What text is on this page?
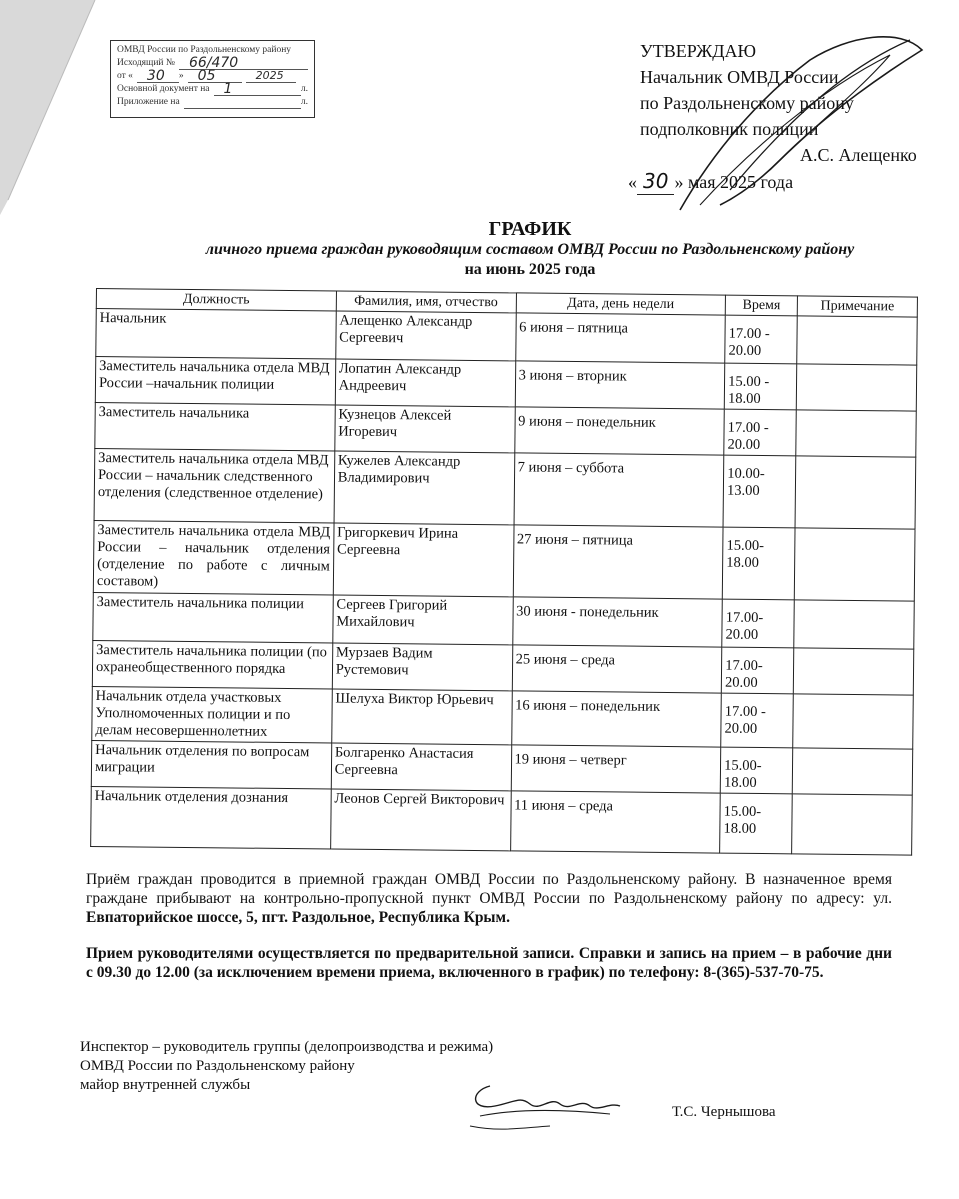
ОМВД России по Раздольненскому району
Исходящий №	66/470
от «	30	»	05	2025
Основной документ на	1	л.
Приложение на	л.
УТВЕРЖДАЮ
Начальник ОМВД России
по Раздольненскому району
подполковник полиции
А.С. Алещенко
« 30 » мая 2025 года
ГРАФИК
личного приема граждан руководящим составом ОМВД России по Раздольненскому району
на июнь 2025 года
Должность	Фамилия, имя, отчество	Дата, день недели	Время	Примечание
Начальник	Алещенко Александр Сергеевич	6 июня – пятница	17.00 - 20.00	
Заместитель начальника отдела МВД России –начальник полиции	Лопатин Александр Андреевич	3 июня – вторник	15.00 - 18.00	
Заместитель начальника	Кузнецов Алексей Игоревич	9 июня – понедельник	17.00 - 20.00	
Заместитель начальника отдела МВД России – начальник следственного отделения (следственное отделение)	Кужелев Александр Владимирович	7 июня – суббота	10.00-13.00	
Заместитель начальника отдела МВД России – начальник отделения (отделение по работе с личным составом)	Григоркевич Ирина Сергеевна	27 июня – пятница	15.00-18.00	
Заместитель начальника полиции	Сергеев Григорий Михайлович	30 июня - понедельник	17.00-20.00	
Заместитель начальника полиции (по охранеобщественного порядка	Мурзаев Вадим Рустемович	25 июня – среда	17.00-20.00	
Начальник отдела участковых Уполномоченных полиции и по делам несовершеннолетних	Шелуха Виктор Юрьевич	16 июня – понедельник	17.00 - 20.00	
Начальник отделения по вопросам миграции	Болгаренко Анастасия Сергеевна	19 июня – четверг	15.00-18.00	
Начальник отделения дознания	Леонов Сергей Викторович	11 июня – среда	15.00-18.00	
Приём граждан проводится в приемной граждан ОМВД России по Раздольненскому району. В назначенное время граждане прибывают на контрольно-пропускной пункт ОМВД России по Раздольненскому району по адресу: ул. Евпаторийское шоссе, 5, пгт. Раздольное, Республика Крым.
Прием руководителями осуществляется по предварительной записи. Справки и запись на прием – в рабочие дни с 09.30 до 12.00 (за исключением времени приема, включенного в график) по телефону: 8-(365)-537-70-75.
Инспектор – руководитель группы (делопроизводства и режима)
ОМВД России по Раздольненскому району
майор внутренней службы
Т.С. Чернышова
